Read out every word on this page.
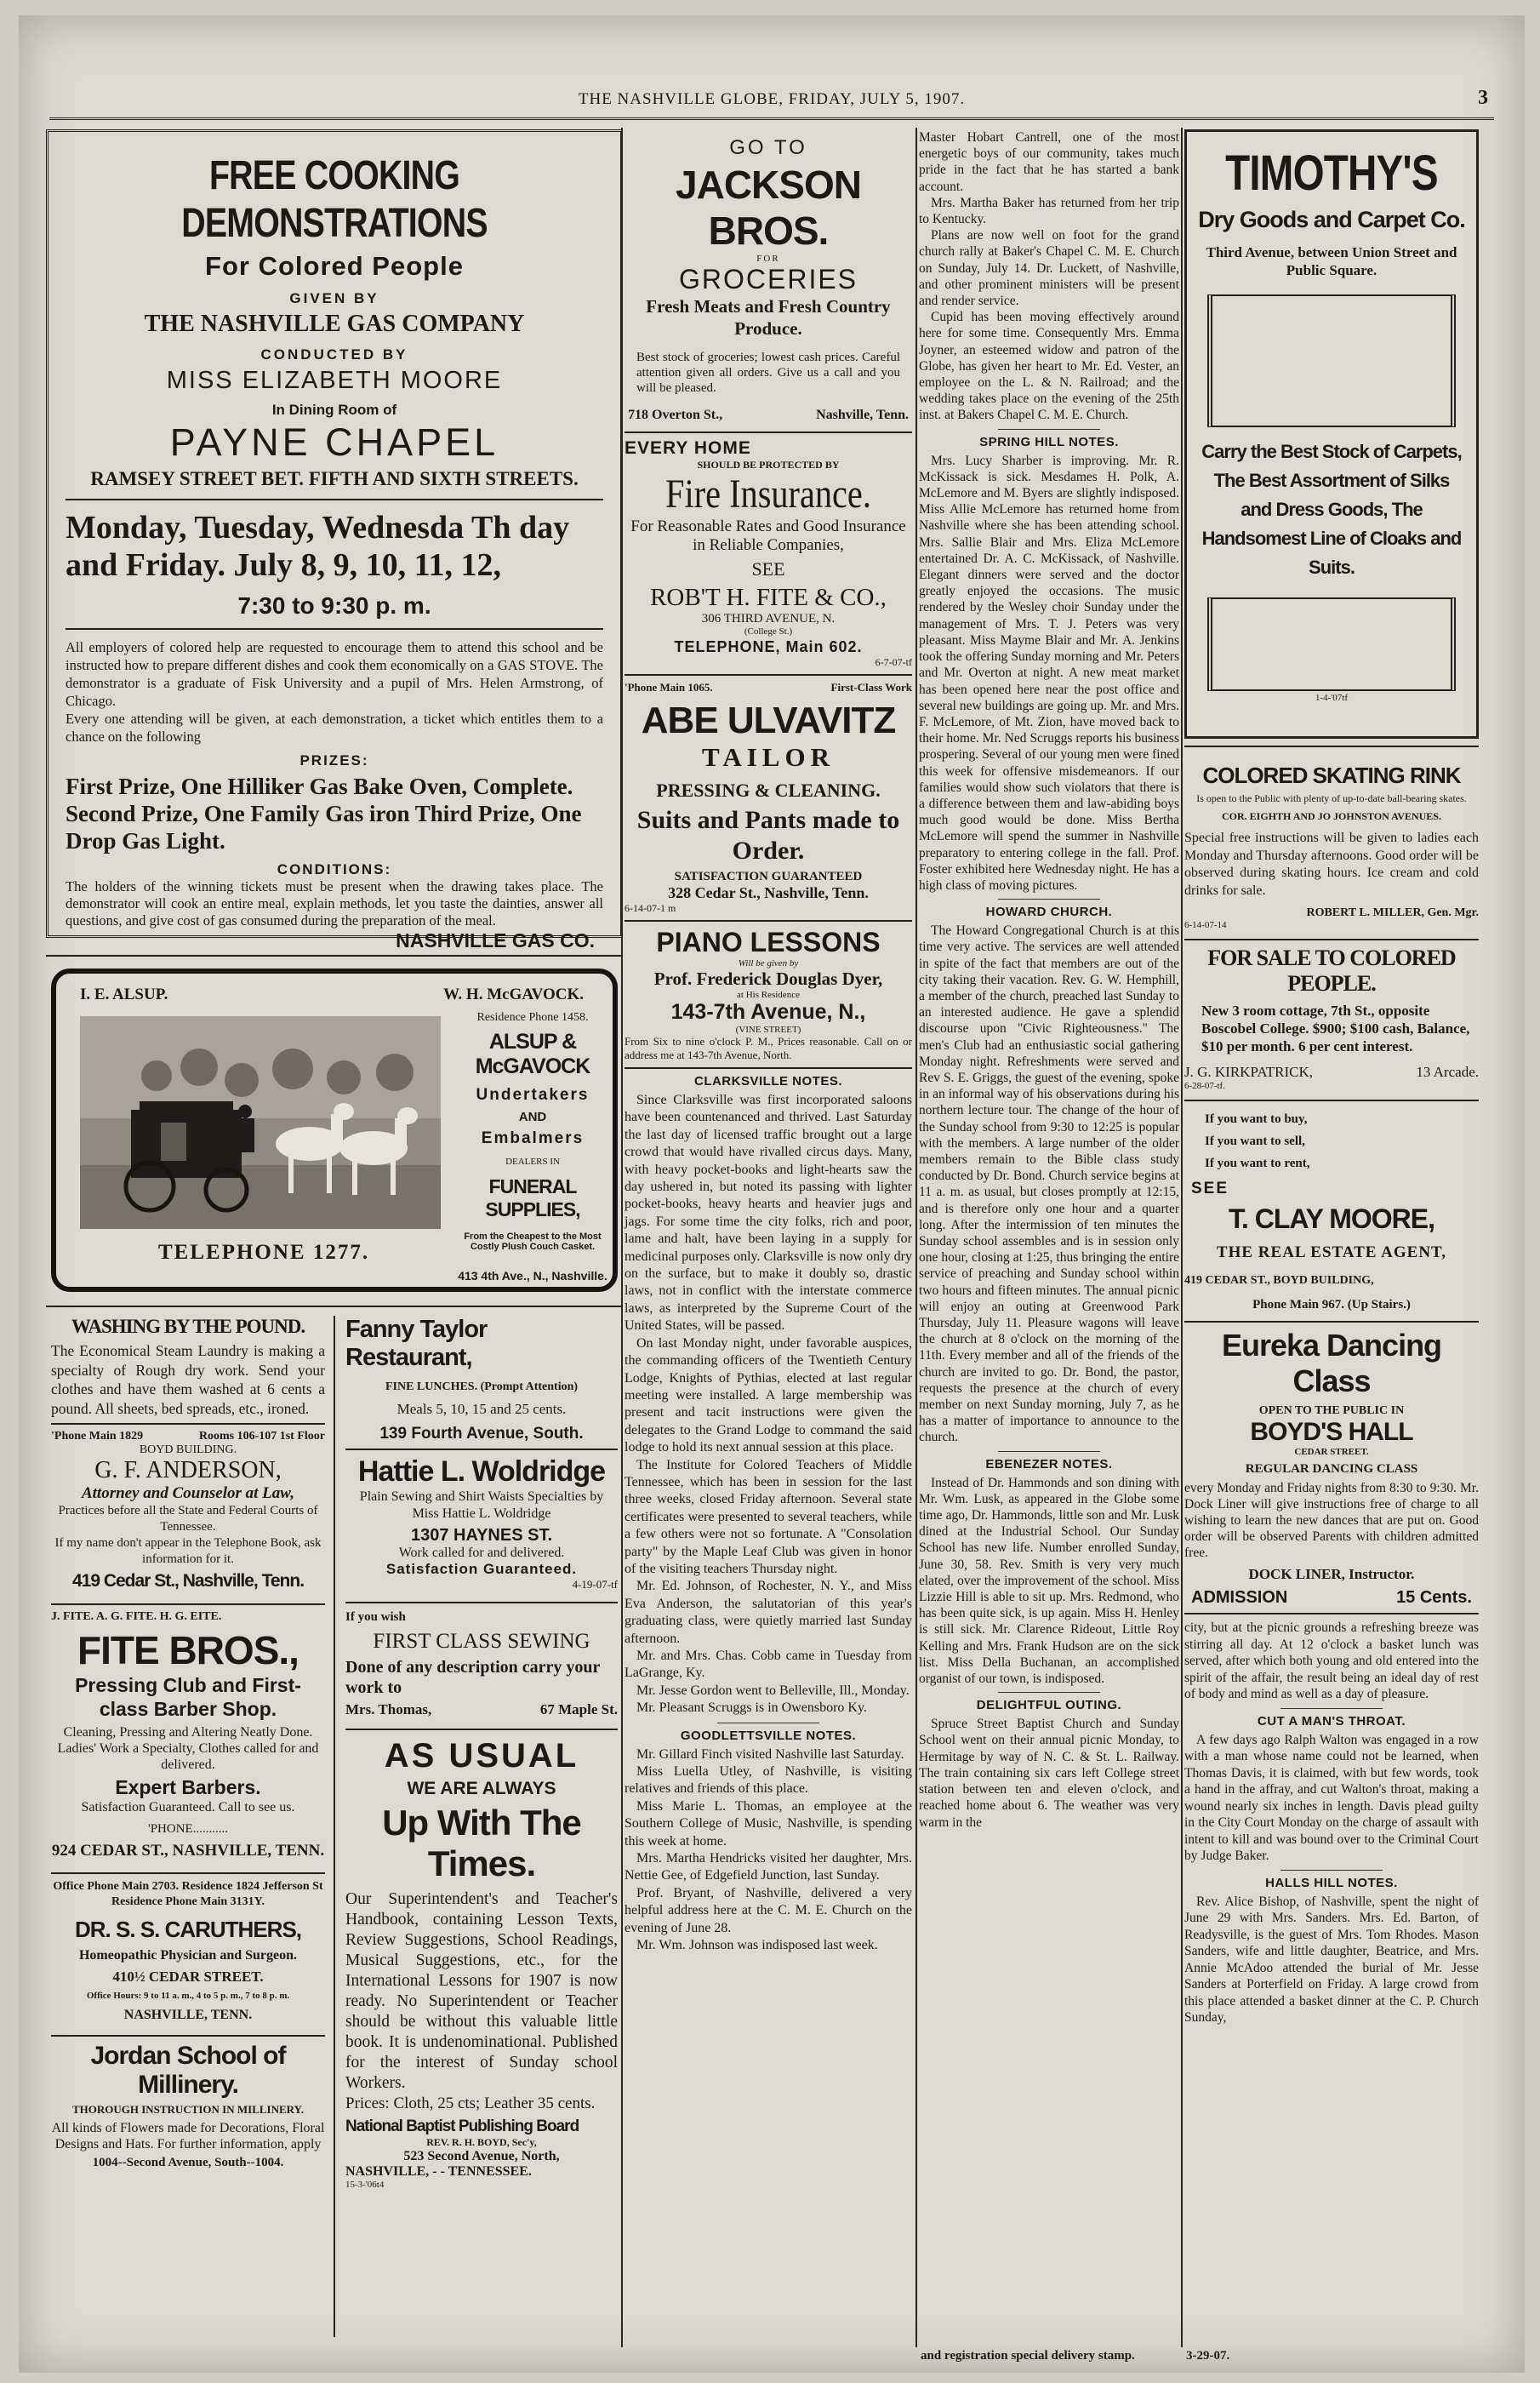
THE NASHVILLE GLOBE, FRIDAY, JULY 5, 1907.	3
FREE COOKING DEMONSTRATIONS
For Colored People
GIVEN BY
THE NASHVILLE GAS COMPANY
CONDUCTED BY
MISS ELIZABETH MOORE
In Dining Room of
PAYNE CHAPEL
RAMSEY STREET BET. FIFTH AND SIXTH STREETS.
Monday, Tuesday, Wednesda Th day and Friday. July 8, 9, 10, 11, 12,
7:30 to 9:30 p. m.

All employers of colored help are requested to encourage them to attend this school and be instructed how to prepare different dishes and cook them economically on a GAS STOVE. The demonstrator is a graduate of Fisk University and a pupil of Mrs. Helen Armstrong, of Chicago.

Every one attending will be given, at each demonstration, a ticket which entitles them to a chance on the following

PRIZES:
First Prize, One Hilliker Gas Bake Oven, Complete. Second Prize, One Family Gas iron Third Prize, One Drop Gas Light.
CONDITIONS:

The holders of the winning tickets must be present when the drawing takes place. The demonstrator will cook an entire meal, explain methods, let you taste the dainties, answer all questions, and give cost of gas consumed during the preparation of the meal.

NASHVILLE GAS CO.
I. E. ALSUP.	W. H. McGAVOCK.
TELEPHONE 1277.
Residence Phone 1458.
ALSUP & McGAVOCK
Undertakers
AND
Embalmers
DEALERS IN
FUNERAL SUPPLIES,
From the Cheapest to the Most Costly Plush Couch Casket.
413 4th Ave., N., Nashville.
WASHING BY THE POUND.

The Economical Steam Laundry is making a specialty of Rough dry work. Send your clothes and have them washed at 6 cents a pound. All sheets, bed spreads, etc., ironed.

'Phone Main 1829	Rooms 106-107 1st Floor
BOYD BUILDING.
G. F. ANDERSON,
Attorney and Counselor at Law,
Practices before all the State and Federal Courts of Tennessee.
If my name don't appear in the Telephone Book, ask information for it.
419 Cedar St., Nashville, Tenn.
J. FITE. A. G. FITE. H. G. EITE.
FITE BROS.,
Pressing Club and First-class Barber Shop.
Cleaning, Pressing and Altering Neatly Done. Ladies' Work a Specialty, Clothes called for and delivered.
Expert Barbers.
Satisfaction Guaranteed. Call to see us.
'PHONE...........
924 CEDAR ST., NASHVILLE, TENN.
Office Phone Main 2703. Residence 1824 Jefferson St Residence Phone Main 3131Y.
DR. S. S. CARUTHERS,
Homeopathic Physician and Surgeon.
410½ CEDAR STREET.
Office Hours: 9 to 11 a. m., 4 to 5 p. m., 7 to 8 p. m.
NASHVILLE, TENN.
Jordan School of Millinery.
THOROUGH INSTRUCTION IN MILLINERY.
All kinds of Flowers made for Decorations, Floral Designs and Hats. For further information, apply
1004--Second Avenue, South--1004.
Fanny Taylor Restaurant,
FINE LUNCHES. (Prompt Attention)
Meals 5, 10, 15 and 25 cents.
139 Fourth Avenue, South.
Hattie L. Woldridge
Plain Sewing and Shirt Waists Specialties by Miss Hattie L. Woldridge
1307 HAYNES ST.
Work called for and delivered.
Satisfaction Guaranteed.
4-19-07-tf
If you wish
FIRST CLASS SEWING
Done of any description carry your work to
Mrs. Thomas,	67 Maple St.
AS USUAL
WE ARE ALWAYS
Up With The Times.

Our Superintendent's and Teacher's Handbook, containing Lesson Texts, Review Suggestions, School Readings, Musical Suggestions, etc., for the International Lessons for 1907 is now ready. No Superintendent or Teacher should be without this valuable little book. It is undenominational. Published for the interest of Sunday school Workers.

Prices: Cloth, 25 cts; Leather 35 cents.

National Baptist Publishing Board
REV. R. H. BOYD, Sec'y,
523 Second Avenue, North,
NASHVILLE, - - TENNESSEE.
15-3-'06t4
GO TO
JACKSON BROS.
FOR
GROCERIES
Fresh Meats and Fresh Country Produce.

Best stock of groceries; lowest cash prices. Careful attention given all orders. Give us a call and you will be pleased.

718 Overton St.,	Nashville, Tenn.
EVERY HOME
SHOULD BE PROTECTED BY
Fire Insurance.
For Reasonable Rates and Good Insurance in Reliable Companies,
SEE
ROB'T H. FITE & CO.,
306 THIRD AVENUE, N.
(College St.)
TELEPHONE, Main 602.
6-7-07-tf
'Phone Main 1065.	First-Class Work
ABE ULVAVITZ
TAILOR
PRESSING & CLEANING.
Suits and Pants made to Order.
SATISFACTION GUARANTEED
328 Cedar St., Nashville, Tenn.
6-14-07-1 m
PIANO LESSONS
Will be given by
Prof. Frederick Douglas Dyer,
at His Residence
143-7th Avenue, N.,
(VINE STREET)

From Six to nine o'clock P. M., Prices reasonable. Call on or address me at 143-7th Avenue, North.

CLARKSVILLE NOTES.

Since Clarksville was first incorporated saloons have been countenanced and thrived. Last Saturday the last day of licensed traffic brought out a large crowd that would have rivalled circus days. Many, with heavy pocket-books and light-hearts saw the day ushered in, but noted its passing with lighter pocket-books, heavy hearts and heavier jugs and jags. For some time the city folks, rich and poor, lame and halt, have been laying in a supply for medicinal purposes only. Clarksville is now only dry on the surface, but to make it doubly so, drastic laws, not in conflict with the interstate commerce laws, as interpreted by the Supreme Court of the United States, will be passed.

On last Monday night, under favorable auspices, the commanding officers of the Twentieth Century Lodge, Knights of Pythias, elected at last regular meeting were installed. A large membership was present and tacit instructions were given the delegates to the Grand Lodge to command the said lodge to hold its next annual session at this place.

The Institute for Colored Teachers of Middle Tennessee, which has been in session for the last three weeks, closed Friday afternoon. Several state certificates were presented to several teachers, while a few others were not so fortunate. A "Consolation party" by the Maple Leaf Club was given in honor of the visiting teachers Thursday night.

Mr. Ed. Johnson, of Rochester, N. Y., and Miss Eva Anderson, the salutatorian of this year's graduating class, were quietly married last Sunday afternoon.

Mr. and Mrs. Chas. Cobb came in Tuesday from LaGrange, Ky.

Mr. Jesse Gordon went to Belleville, Ill., Monday.

Mr. Pleasant Scruggs is in Owensboro Ky.

GOODLETTSVILLE NOTES.

Mr. Gillard Finch visited Nashville last Saturday.

Miss Luella Utley, of Nashville, is visiting relatives and friends of this place.

Miss Marie L. Thomas, an employee at the Southern College of Music, Nashville, is spending this week at home.

Mrs. Martha Hendricks visited her daughter, Mrs. Nettie Gee, of Edgefield Junction, last Sunday.

Prof. Bryant, of Nashville, delivered a very helpful address here at the C. M. E. Church on the evening of June 28.

Mr. Wm. Johnson was indisposed last week.

Master Hobart Cantrell, one of the most energetic boys of our community, takes much pride in the fact that he has started a bank account.

Mrs. Martha Baker has returned from her trip to Kentucky.

Plans are now well on foot for the grand church rally at Baker's Chapel C. M. E. Church on Sunday, July 14. Dr. Luckett, of Nashville, and other prominent ministers will be present and render service.

Cupid has been moving effectively around here for some time. Consequently Mrs. Emma Joyner, an esteemed widow and patron of the Globe, has given her heart to Mr. Ed. Vester, an employee on the L. & N. Railroad; and the wedding takes place on the evening of the 25th inst. at Bakers Chapel C. M. E. Church.

SPRING HILL NOTES.

Mrs. Lucy Sharber is improving. Mr. R. McKissack is sick. Mesdames H. Polk, A. McLemore and M. Byers are slightly indisposed. Miss Allie McLemore has returned home from Nashville where she has been attending school. Mrs. Sallie Blair and Mrs. Eliza McLemore entertained Dr. A. C. McKissack, of Nashville. Elegant dinners were served and the doctor greatly enjoyed the occasions. The music rendered by the Wesley choir Sunday under the management of Mrs. T. J. Peters was very pleasant. Miss Mayme Blair and Mr. A. Jenkins took the offering Sunday morning and Mr. Peters and Mr. Overton at night. A new meat market has been opened here near the post office and several new buildings are going up. Mr. and Mrs. F. McLemore, of Mt. Zion, have moved back to their home. Mr. Ned Scruggs reports his business prospering. Several of our young men were fined this week for offensive misdemeanors. If our families would show such violators that there is a difference between them and law-abiding boys much good would be done. Miss Bertha McLemore will spend the summer in Nashville preparatory to entering college in the fall. Prof. Foster exhibited here Wednesday night. He has a high class of moving pictures.

HOWARD CHURCH.

The Howard Congregational Church is at this time very active. The services are well attended in spite of the fact that members are out of the city taking their vacation. Rev. G. W. Hemphill, a member of the church, preached last Sunday to an interested audience. He gave a splendid discourse upon "Civic Righteousness." The men's Club had an enthusiastic social gathering Monday night. Refreshments were served and Rev S. E. Griggs, the guest of the evening, spoke in an informal way of his observations during his northern lecture tour. The change of the hour of the Sunday school from 9:30 to 12:25 is popular with the members. A large number of the older members remain to the Bible class study conducted by Dr. Bond. Church service begins at 11 a. m. as usual, but closes promptly at 12:15, and is therefore only one hour and a quarter long. After the intermission of ten minutes the Sunday school assembles and is in session only one hour, closing at 1:25, thus bringing the entire service of preaching and Sunday school within two hours and fifteen minutes. The annual picnic will enjoy an outing at Greenwood Park Thursday, July 11. Pleasure wagons will leave the church at 8 o'clock on the morning of the 11th. Every member and all of the friends of the church are invited to go. Dr. Bond, the pastor, requests the presence at the church of every member on next Sunday morning, July 7, as he has a matter of importance to announce to the church.

EBENEZER NOTES.

Instead of Dr. Hammonds and son dining with Mr. Wm. Lusk, as appeared in the Globe some time ago, Dr. Hammonds, little son and Mr. Lusk dined at the Industrial School. Our Sunday School has new life. Number enrolled Sunday, June 30, 58. Rev. Smith is very very much elated, over the improvement of the school. Miss Lizzie Hill is able to sit up. Mrs. Redmond, who has been quite sick, is up again. Miss H. Henley is still sick. Mr. Clarence Rideout, Little Roy Kelling and Mrs. Frank Hudson are on the sick list. Miss Della Buchanan, an accomplished organist of our town, is indisposed.

DELIGHTFUL OUTING.

Spruce Street Baptist Church and Sunday School went on their annual picnic Monday, to Hermitage by way of N. C. & St. L. Railway. The train containing six cars left College street station between ten and eleven o'clock, and reached home about 6. The weather was very warm in the

TIMOTHY'S
Dry Goods and Carpet Co.
Third Avenue, between Union Street and Public Square.
Carry the Best Stock of Carpets, The Best Assortment of Silks and Dress Goods, The Handsomest Line of Cloaks and Suits.
1-4-'07tf
COLORED SKATING RINK
Is open to the Public with plenty of up-to-date ball-bearing skates.
COR. EIGHTH AND JO JOHNSTON AVENUES.

Special free instructions will be given to ladies each Monday and Thursday afternoons. Good order will be observed during skating hours. Ice cream and cold drinks for sale.

ROBERT L. MILLER, Gen. Mgr.
6-14-07-14
FOR SALE TO COLORED PEOPLE.

New 3 room cottage, 7th St., opposite Boscobel College. $900; $100 cash, Balance, $10 per month. 6 per cent interest.

J. G. KIRKPATRICK,	13 Arcade.
6-28-07-tf.
If you want to buy,
If you want to sell,
If you want to rent,
SEE
T. CLAY MOORE,
THE REAL ESTATE AGENT,
419 CEDAR ST., BOYD BUILDING,
Phone Main 967. (Up Stairs.)
Eureka Dancing Class
OPEN TO THE PUBLIC IN
BOYD'S HALL
CEDAR STREET.
REGULAR DANCING CLASS

every Monday and Friday nights from 8:30 to 9:30. Mr. Dock Liner will give instructions free of charge to all wishing to learn the new dances that are put on. Good order will be observed Parents with children admitted free.

DOCK LINER, Instructor.
ADMISSION	15 Cents.

city, but at the picnic grounds a refreshing breeze was stirring all day. At 12 o'clock a basket lunch was served, after which both young and old entered into the spirit of the affair, the result being an ideal day of rest of body and mind as well as a day of pleasure.

CUT A MAN'S THROAT.

A few days ago Ralph Walton was engaged in a row with a man whose name could not be learned, when Thomas Davis, it is claimed, with but few words, took a hand in the affray, and cut Walton's throat, making a wound nearly six inches in length. Davis plead guilty in the City Court Monday on the charge of assault with intent to kill and was bound over to the Criminal Court by Judge Baker.

HALLS HILL NOTES.

Rev. Alice Bishop, of Nashville, spent the night of June 29 with Mrs. Sanders. Mrs. Ed. Barton, of Readysville, is the guest of Mrs. Tom Rhodes. Mason Sanders, wife and little daughter, Beatrice, and Mrs. Annie McAdoo attended the burial of Mr. Jesse Sanders at Porterfield on Friday. A large crowd from this place attended a basket dinner at the C. P. Church Sunday,

and registration special delivery stamp.	3-29-07.
